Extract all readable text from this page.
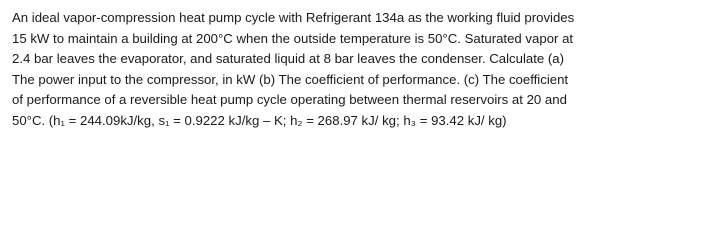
An ideal vapor-compression heat pump cycle with Refrigerant 134a as the working fluid provides
15 kW to maintain a building at 200°C when the outside temperature is 50°C. Saturated vapor at
2.4 bar leaves the evaporator, and saturated liquid at 8 bar leaves the condenser. Calculate (a)
The power input to the compressor, in kW (b) The coefficient of performance. (c) The coefficient
of performance of a reversible heat pump cycle operating between thermal reservoirs at 20 and
50°C. (h₁ = 244.09kJ/kg, s₁ = 0.9222 kJ/kg – K; h₂ = 268.97 kJ/ kg; h₃ = 93.42 kJ/ kg)
